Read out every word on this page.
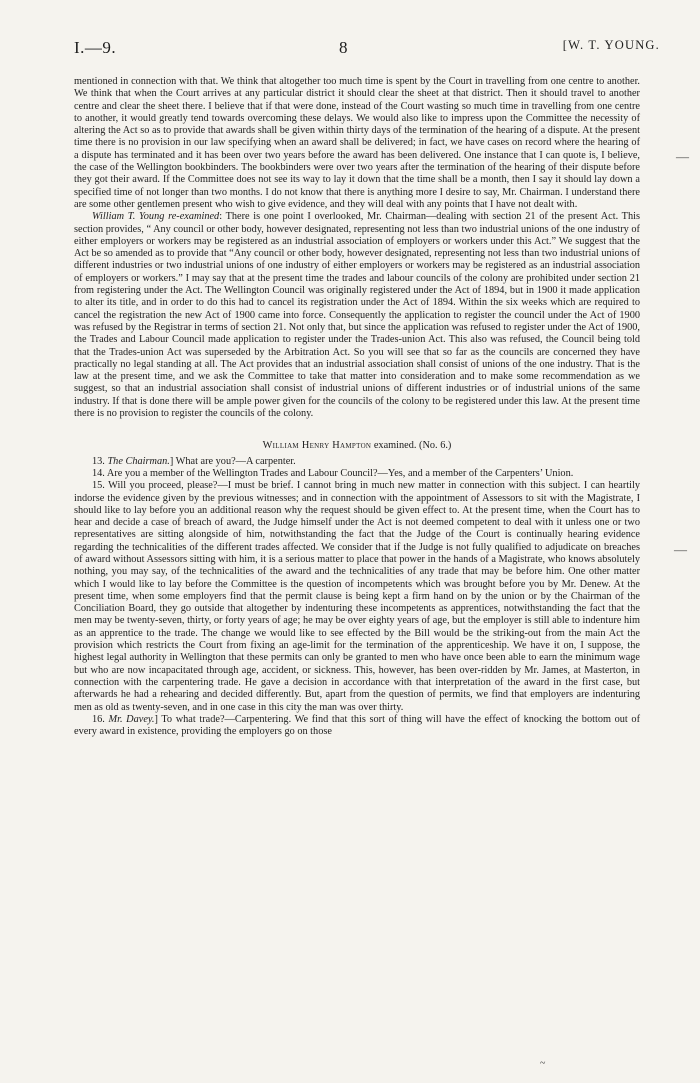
I.—9.	8	[W. T. YOUNG.

mentioned in connection with that. We think that altogether too much time is spent by the Court in travelling from one centre to another. We think that when the Court arrives at any particular district it should clear the sheet at that district. Then it should travel to another centre and clear the sheet there. I believe that if that were done, instead of the Court wasting so much time in travelling from one centre to another, it would greatly tend towards overcoming these delays. We would also like to impress upon the Committee the necessity of altering the Act so as to provide that awards shall be given within thirty days of the termination of the hearing of a dispute. At the present time there is no provision in our law specifying when an award shall be delivered; in fact, we have cases on record where the hearing of a dispute has terminated and it has been over two years before the award has been delivered. One instance that I can quote is, I believe, the case of the Wellington bookbinders. The bookbinders were over two years after the termination of the hearing of their dispute before they got their award. If the Committee does not see its way to lay it down that the time shall be a month, then I say it should lay down a specified time of not longer than two months. I do not know that there is anything more I desire to say, Mr. Chairman. I understand there are some other gentlemen present who wish to give evidence, and they will deal with any points that I have not dealt with.

William T. Young re-examined: There is one point I overlooked, Mr. Chairman—dealing with section 21 of the present Act. This section provides, “ Any council or other body, however designated, representing not less than two industrial unions of the one industry of either employers or workers may be registered as an industrial association of employers or workers under this Act.” We suggest that the Act be so amended as to provide that “Any council or other body, however designated, representing not less than two industrial unions of different industries or two industrial unions of one industry of either employers or workers may be registered as an industrial association of employers or workers.” I may say that at the present time the trades and labour councils of the colony are prohibited under section 21 from registering under the Act. The Wellington Council was originally registered under the Act of 1894, but in 1900 it made application to alter its title, and in order to do this had to cancel its registration under the Act of 1894. Within the six weeks which are required to cancel the registration the new Act of 1900 came into force. Consequently the application to register the council under the Act of 1900 was refused by the Registrar in terms of section 21. Not only that, but since the application was refused to register under the Act of 1900, the Trades and Labour Council made application to register under the Trades-union Act. This also was refused, the Council being told that the Trades-union Act was superseded by the Arbitration Act. So you will see that so far as the councils are concerned they have practically no legal standing at all. The Act provides that an industrial association shall consist of unions of the one industry. That is the law at the present time, and we ask the Committee to take that matter into consideration and to make some recommendation as we suggest, so that an industrial association shall consist of industrial unions of different industries or of industrial unions of the same industry. If that is done there will be ample power given for the councils of the colony to be registered under this law. At the present time there is no provision to register the councils of the colony.

William Henry Hampton examined. (No. 6.)

13. The Chairman.] What are you?—A carpenter.

14. Are you a member of the Wellington Trades and Labour Council?—Yes, and a member of the Carpenters’ Union.

15. Will you proceed, please?—I must be brief. I cannot bring in much new matter in connection with this subject. I can heartily indorse the evidence given by the previous witnesses; and in connection with the appointment of Assessors to sit with the Magistrate, I should like to lay before you an additional reason why the request should be given effect to. At the present time, when the Court has to hear and decide a case of breach of award, the Judge himself under the Act is not deemed competent to deal with it unless one or two representatives are sitting alongside of him, notwithstanding the fact that the Judge of the Court is continually hearing evidence regarding the technicalities of the different trades affected. We consider that if the Judge is not fully qualified to adjudicate on breaches of award without Assessors sitting with him, it is a serious matter to place that power in the hands of a Magistrate, who knows absolutely nothing, you may say, of the technicalities of the award and the technicalities of any trade that may be before him. One other matter which I would like to lay before the Committee is the question of incompetents which was brought before you by Mr. Denew. At the present time, when some employers find that the permit clause is being kept a firm hand on by the union or by the Chairman of the Conciliation Board, they go outside that altogether by indenturing these incompetents as apprentices, notwithstanding the fact that the men may be twenty-seven, thirty, or forty years of age; he may be over eighty years of age, but the employer is still able to indenture him as an apprentice to the trade. The change we would like to see effected by the Bill would be the striking-out from the main Act the provision which restricts the Court from fixing an age-limit for the termination of the apprenticeship. We have it on, I suppose, the highest legal authority in Wellington that these permits can only be granted to men who have once been able to earn the minimum wage but who are now incapacitated through age, accident, or sickness. This, however, has been over-ridden by Mr. James, at Masterton, in connection with the carpentering trade. He gave a decision in accordance with that interpretation of the award in the first case, but afterwards he had a rehearing and decided differently. But, apart from the question of permits, we find that employers are indenturing men as old as twenty-seven, and in one case in this city the man was over thirty.

16. Mr. Davey.] To what trade?—Carpentering. We find that this sort of thing will have the effect of knocking the bottom out of every award in existence, providing the employers go on those

—
—
~
